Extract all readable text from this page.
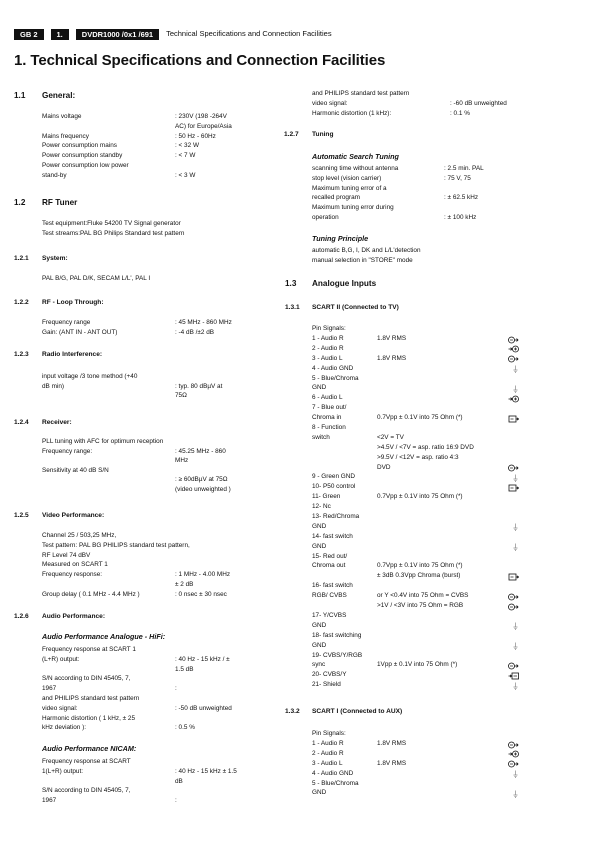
GB 2	1.	DVDR1000 /0x1 /691	Technical Specifications and Connection Facilities
1. Technical Specifications and Connection Facilities
1.1 General:
Mains voltage	: 230V (198 -264V
AC) for Europe/Asia
Mains frequency	: 50 Hz - 60Hz
Power consumption mains	: < 32 W
Power consumption standby	: < 7 W
Power consumption low power
stand-by	: < 3 W
1.2 RF Tuner
Test equipment:Fluke 54200 TV Signal generator
Test streams:PAL BG Philips Standard test pattern
1.2.1 System:
PAL B/G, PAL D/K, SECAM L/L', PAL I
1.2.2 RF - Loop Through:
Frequency range	: 45 MHz - 860 MHz
Gain: (ANT IN - ANT OUT)	: -4 dB /±2 dB
1.2.3 Radio Interference:
input voltage /3 tone method (+40
dB min)	: typ. 80 dBµV at
75Ω
1.2.4 Receiver:
PLL tuning with AFC for optimum reception
Frequency range:	: 45.25 MHz - 860
MHz
Sensitivity at 40 dB S/N
: ≥ 60dBµV at 75Ω
(video unweighted )
1.2.5 Video Performance:
Channel 25 / 503,25 MHz,
Test pattern: PAL BG PHILIPS standard test pattern,
RF Level 74 dBV
Measured on SCART 1
Frequency response:	: 1 MHz - 4.00 MHz
± 2 dB
Group delay ( 0.1 MHz - 4.4 MHz )	: 0 nsec ± 30 nsec
1.2.6 Audio Performance:
Audio Performance Analogue - HiFi:
Frequency response at SCART 1
(L+R) output:	: 40 Hz - 15 kHz / ±
1.5 dB
S/N according to DIN 45405, 7,
1967	:
and PHILIPS standard test pattern
video signal:	: -50 dB unweighted
Harmonic distortion ( 1 kHz, ± 25
kHz deviation ):	: 0.5 %
Audio Performance NICAM:
Frequency response at SCART
1(L+R) output:	: 40 Hz - 15 kHz ± 1.5
dB
S/N according to DIN 45405, 7,
1967	:
and PHILIPS standard test pattern
video signal:	: -60 dB unweighted
Harmonic distortion (1 kHz):	: 0.1 %
1.2.7 Tuning
Automatic Search Tuning
scanning time without antenna	: 2.5 min. PAL
stop level (vision carrier)	: 75 V, 75
Maximum tuning error of a
recalled program	: ± 62.5 kHz
Maximum tuning error during
operation	: ± 100 kHz
Tuning Principle
automatic B,G, I, DK and L/L'detection
manual selection in "STORE" mode
1.3 Analogue Inputs
1.3.1 SCART II (Connected to TV)
Pin Signals:
1 - Audio R	1.8V RMS
2 - Audio R
3 - Audio L	1.8V RMS
4 - Audio GND
5 - Blue/Chroma
GND
6 - Audio L
7 - Blue out/
Chroma in	0.7Vpp ± 0.1V into 75 Ohm (*)
8 - Function
switch	<2V = TV
>4.5V / <7V = asp. ratio 16:9 DVD
>9.5V / <12V = asp. ratio 4:3
DVD
9 - Green GND
10- P50 control
11- Green	0.7Vpp ± 0.1V into 75 Ohm (*)
12- Nc
13- Red/Chroma
GND
14- fast switch
GND
15- Red out/
Chroma out	0.7Vpp ± 0.1V into 75 Ohm (*)
± 3dB 0.3Vpp Chroma (burst)
16- fast switch
RGB/ CVBS	or Y <0.4V into 75 Ohm = CVBS
>1V / <3V into 75 Ohm = RGB
17- Y/CVBS
GND
18- fast switching
GND
19- CVBS/Y/RGB
sync	1Vpp ± 0.1V into 75 Ohm (*)
20- CVBS/Y
21- Shield
1.3.2 SCART I (Connected to AUX)
Pin Signals:
1 - Audio R	1.8V RMS
2 - Audio R
3 - Audio L	1.8V RMS
4 - Audio GND
5 - Blue/Chroma
GND
